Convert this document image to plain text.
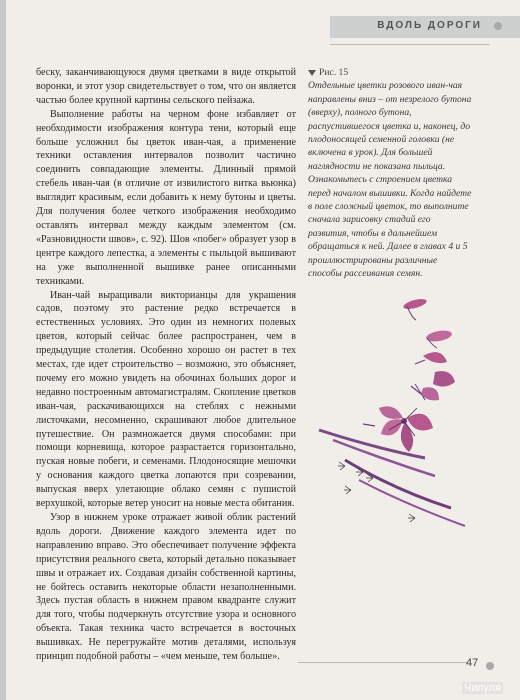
ВДОЛЬ ДОРОГИ

беску, заканчивающуюся двумя цветками в виде открытой воронки, и этот узор свидетельствует о том, что он является частью более крупной картины сельского пейзажа.

Выполнение работы на черном фоне избавляет от необходимости изображения контура тени, который еще больше усложнил бы цветок иван-чая, а применение техники оставления интервалов позволит частично соединить совпадающие элементы. Длинный прямой стебель иван-чая (в отличие от извилистого витка вьюнка) выглядит красивым, если добавить к нему бутоны и цветы. Для получения более четкого изображения необходимо оставлять интервал между каждым элементом (см. «Разновидности швов», с. 92). Шов «побег» образует узор в центре каждого лепестка, а элементы с пыльцой вышивают на уже выполненной вышивке ранее описанными техниками.

Иван-чай выращивали викторианцы для украшения садов, поэтому это растение редко встречается в естественных условиях. Это один из немногих полевых цветов, который сейчас более распространен, чем в предыдущие столетия. Особенно хорошо он растет в тех местах, где идет строительство – возможно, это объясняет, почему его можно увидеть на обочинах больших дорог и недавно построенным автомагистралям. Скопление цветков иван-чая, раскачивающихся на стеблях с нежными листочками, несомненно, скрашивают любое длительное путешествие. Он размножается двумя способами: при помощи корневища, которое разрастается горизонтально, пуская новые побеги, и семенами. Плодоносящие мешочки у основания каждого цветка лопаются при созревании, выпуская вверх улетающие облако семян с пушистой верхушкой, которые ветер уносит на новые места обитания.

Узор в нижнем уроке отражает живой облик растений вдоль дороги. Движение каждого элемента идет по направлению вправо. Это обеспечивает получение эффекта присутствия реального света, который детально показывает швы и отражает их. Создавая дизайн собственной картины, не бойтесь оставить некоторые области незаполненными. Здесь пустая область в нижнем правом квадранте служит для того, чтобы подчеркнуть отсутствие узора и основного объекта. Такая техника часто встречается в восточных вышивках. Не перегружайте мотив деталями, используя принцип подобной работы – «чем меньше, тем больше».

Рис. 15
Отдельные цветки розового иван-чая направлены вниз – от незрелого бутона (вверху), полного бутона, распустившегося цветка и, наконец, до плодоносящей семенной головки (не включена в урок). Для большей наглядности не показана пыльца. Ознакомьтесь с строением цветка перед началом вышивки. Когда найдете в поле сложный цветок, то выполните сначала зарисовку стадий его развития, чтобы в дальнейшем обращаться к ней. Далее в главах 4 и 5 проиллюстрированы различные способы рассеивания семян.
47
Чипуля
